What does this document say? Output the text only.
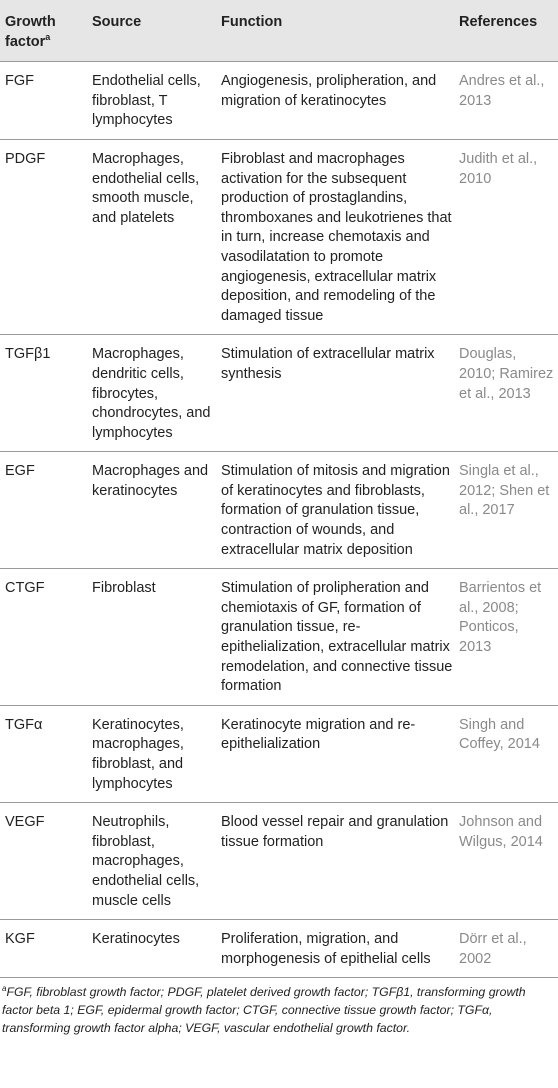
Growth factor$^a$	Source	Function	References
FGF	Endothelial cells, fibroblast, T lymphocytes	Angiogenesis, prolipheration, and migration of keratinocytes	Andres et al., 2013
PDGF	Macrophages, endothelial cells, smooth muscle, and platelets	Fibroblast and macrophages activation for the subsequent production of prostaglandins, thromboxanes and leukotrienes that in turn, increase chemotaxis and vasodilatation to promote angiogenesis, extracellular matrix deposition, and remodeling of the damaged tissue	Judith et al., 2010
TGFβ1	Macrophages, dendritic cells, fibrocytes, chondrocytes, and lymphocytes	Stimulation of extracellular matrix synthesis	Douglas, 2010; Ramirez et al., 2013
EGF	Macrophages and keratinocytes	Stimulation of mitosis and migration of keratinocytes and fibroblasts, formation of granulation tissue, contraction of wounds, and extracellular matrix deposition	Singla et al., 2012; Shen et al., 2017
CTGF	Fibroblast	Stimulation of prolipheration and chemiotaxis of GF, formation of granulation tissue, re-epithelialization, extracellular matrix remodelation, and connective tissue formation	Barrientos et al., 2008; Ponticos, 2013
TGFα	Keratinocytes, macrophages, fibroblast, and lymphocytes	Keratinocyte migration and re-epithelialization	Singh and Coffey, 2014
VEGF	Neutrophils, fibroblast, macrophages, endothelial cells, muscle cells	Blood vessel repair and granulation tissue formation	Johnson and Wilgus, 2014
KGF	Keratinocytes	Proliferation, migration, and morphogenesis of epithelial cells	Dörr et al., 2002
$^a$FGF, fibroblast growth factor; PDGF, platelet derived growth factor; TGFβ1, transforming growth factor beta 1; EGF, epidermal growth factor; CTGF, connective tissue growth factor; TGFα, transforming growth factor alpha; VEGF, vascular endothelial growth factor.
